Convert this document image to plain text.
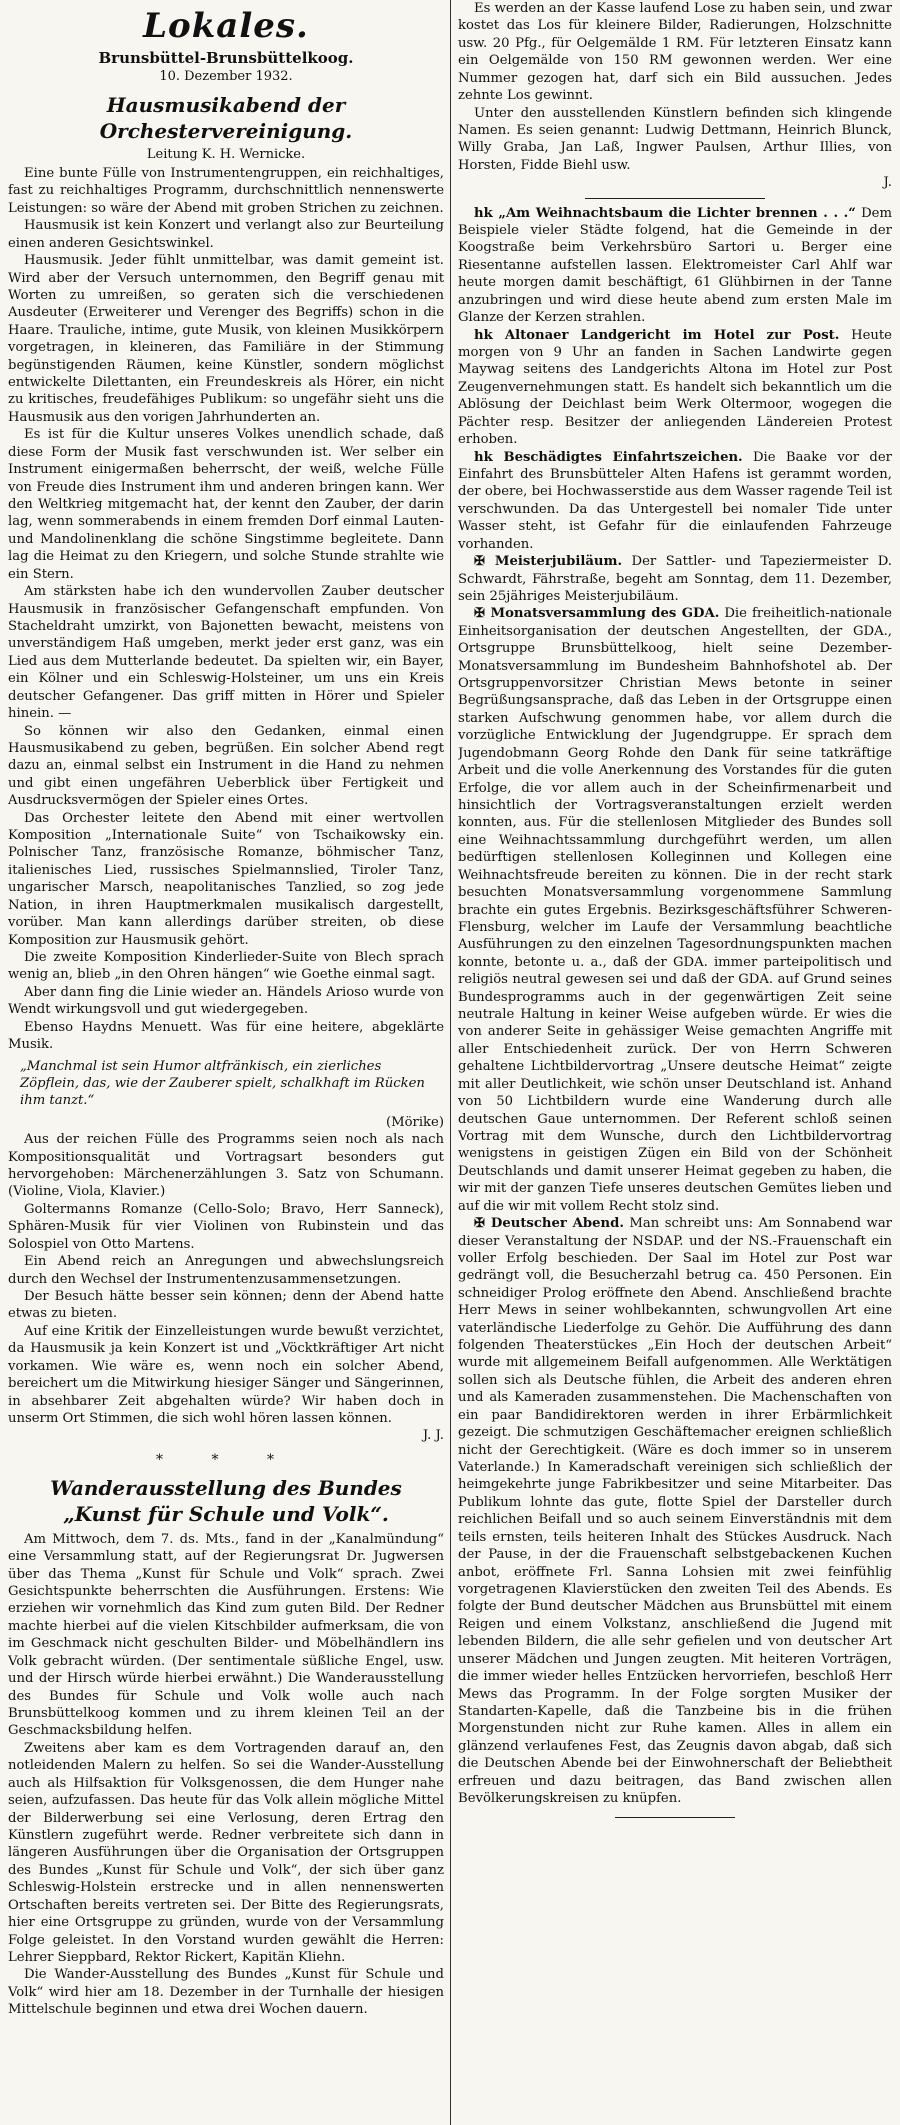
Lokales.
Brunsbüttel-Brunsbüttelkoog.
10. Dezember 1932.
Hausmusikabend der Orchestervereinigung.
Leitung K. H. Wernicke.

Eine bunte Fülle von Instrumentengruppen, ein reichhaltiges, fast zu reichhaltiges Programm, durchschnittlich nennenswerte Leistungen: so wäre der Abend mit groben Strichen zu zeichnen.

Hausmusik ist kein Konzert und verlangt also zur Beurteilung einen anderen Gesichtswinkel.

Hausmusik. Jeder fühlt unmittelbar, was damit gemeint ist. Wird aber der Versuch unternommen, den Begriff genau mit Worten zu umreißen, so geraten sich die verschiedenen Ausdeuter (Erweiterer und Verenger des Begriffs) schon in die Haare. Trauliche, intime, gute Musik, von kleinen Musikkörpern vorgetragen, in kleineren, das Familiäre in der Stimmung begünstigenden Räumen, keine Künstler, sondern möglichst entwickelte Dilettanten, ein Freundeskreis als Hörer, ein nicht zu kritisches, freudefähiges Publikum: so ungefähr sieht uns die Hausmusik aus den vorigen Jahrhunderten an.

Es ist für die Kultur unseres Volkes unendlich schade, daß diese Form der Musik fast verschwunden ist. Wer selber ein Instrument einigermaßen beherrscht, der weiß, welche Fülle von Freude dies Instrument ihm und anderen bringen kann. Wer den Weltkrieg mitgemacht hat, der kennt den Zauber, der darin lag, wenn sommerabends in einem fremden Dorf einmal Lauten- und Mandolinenklang die schöne Singstimme begleitete. Dann lag die Heimat zu den Kriegern, und solche Stunde strahlte wie ein Stern.

Am stärksten habe ich den wundervollen Zauber deutscher Hausmusik in französischer Gefangenschaft empfunden. Von Stacheldraht umzirkt, von Bajonetten bewacht, meistens von unverständigem Haß umgeben, merkt jeder erst ganz, was ein Lied aus dem Mutterlande bedeutet. Da spielten wir, ein Bayer, ein Kölner und ein Schleswig-Holsteiner, um uns ein Kreis deutscher Gefangener. Das griff mitten in Hörer und Spieler hinein. —

So können wir also den Gedanken, einmal einen Hausmusikabend zu geben, begrüßen. Ein solcher Abend regt dazu an, einmal selbst ein Instrument in die Hand zu nehmen und gibt einen ungefähren Ueberblick über Fertigkeit und Ausdrucksvermögen der Spieler eines Ortes.

Das Orchester leitete den Abend mit einer wertvollen Komposition „Internationale Suite“ von Tschaikowsky ein. Polnischer Tanz, französische Romanze, böhmischer Tanz, italienisches Lied, russisches Spielmannslied, Tiroler Tanz, ungarischer Marsch, neapolitanisches Tanzlied, so zog jede Nation, in ihren Hauptmerkmalen musikalisch dargestellt, vorüber. Man kann allerdings darüber streiten, ob diese Komposition zur Hausmusik gehört.

Die zweite Komposition Kinderlieder-Suite von Blech sprach wenig an, blieb „in den Ohren hängen“ wie Goethe einmal sagt.

Aber dann fing die Linie wieder an. Händels Arioso wurde von Wendt wirkungsvoll und gut wiedergegeben.

Ebenso Haydns Menuett. Was für eine heitere, abgeklärte Musik.

„Manchmal ist sein Humor altfränkisch, ein zierliches Zöpflein, das, wie der Zauberer spielt, schalkhaft im Rücken ihm tanzt.“

(Mörike)

Aus der reichen Fülle des Programms seien noch als nach Kompositionsqualität und Vortragsart besonders gut hervorgehoben: Märchenerzählungen 3. Satz von Schumann. (Violine, Viola, Klavier.)

Goltermanns Romanze (Cello-Solo; Bravo, Herr Sanneck), Sphären-Musik für vier Violinen von Rubinstein und das Solospiel von Otto Martens.

Ein Abend reich an Anregungen und abwechslungsreich durch den Wechsel der Instrumentenzusammensetzungen.

Der Besuch hätte besser sein können; denn der Abend hatte etwas zu bieten.

Auf eine Kritik der Einzelleistungen wurde bewußt verzichtet, da Hausmusik ja kein Konzert ist und „Vöcktkräftiger Art nicht vorkamen. Wie wäre es, wenn noch ein solcher Abend, bereichert um die Mitwirkung hiesiger Sänger und Sängerinnen, in absehbarer Zeit abgehalten würde? Wir haben doch in unserm Ort Stimmen, die sich wohl hören lassen können.

J. J.

* * *
Wanderausstellung des Bundes
„Kunst für Schule und Volk“.

Am Mittwoch, dem 7. ds. Mts., fand in der „Kanalmündung“ eine Versammlung statt, auf der Regierungsrat Dr. Jugwersen über das Thema „Kunst für Schule und Volk“ sprach. Zwei Gesichtspunkte beherrschten die Ausführungen. Erstens: Wie erziehen wir vornehmlich das Kind zum guten Bild. Der Redner machte hierbei auf die vielen Kitschbilder aufmerksam, die von im Geschmack nicht geschulten Bilder- und Möbelhändlern ins Volk gebracht würden. (Der sentimentale süßliche Engel, usw. und der Hirsch würde hierbei erwähnt.) Die Wanderausstellung des Bundes für Schule und Volk wolle auch nach Brunsbüttelkoog kommen und zu ihrem kleinen Teil an der Geschmacksbildung helfen.

Zweitens aber kam es dem Vortragenden darauf an, den notleidenden Malern zu helfen. So sei die Wander-Ausstellung auch als Hilfsaktion für Volksgenossen, die dem Hunger nahe seien, aufzufassen. Das heute für das Volk allein mögliche Mittel der Bilderwerbung sei eine Verlosung, deren Ertrag den Künstlern zugeführt werde. Redner verbreitete sich dann in längeren Ausführungen über die Organisation der Ortsgruppen des Bundes „Kunst für Schule und Volk“, der sich über ganz Schleswig-Holstein erstrecke und in allen nennenswerten Ortschaften bereits vertreten sei. Der Bitte des Regierungsrats, hier eine Ortsgruppe zu gründen, wurde von der Versammlung Folge geleistet. In den Vorstand wurden gewählt die Herren: Lehrer Sieppbard, Rektor Rickert, Kapitän Kliehn.

Die Wander-Ausstellung des Bundes „Kunst für Schule und Volk“ wird hier am 18. Dezember in der Turnhalle der hiesigen Mittelschule beginnen und etwa drei Wochen dauern.

Es werden an der Kasse laufend Lose zu haben sein, und zwar kostet das Los für kleinere Bilder, Radierungen, Holzschnitte usw. 20 Pfg., für Oelgemälde 1 RM. Für letzteren Einsatz kann ein Oelgemälde von 150 RM gewonnen werden. Wer eine Nummer gezogen hat, darf sich ein Bild aussuchen. Jedes zehnte Los gewinnt.

Unter den ausstellenden Künstlern befinden sich klingende Namen. Es seien genannt: Ludwig Dettmann, Heinrich Blunck, Willy Graba, Jan Laß, Ingwer Paulsen, Arthur Illies, von Horsten, Fidde Biehl usw.

J.

hk „Am Weihnachtsbaum die Lichter brennen . . .“ Dem Beispiele vieler Städte folgend, hat die Gemeinde in der Koogstraße beim Verkehrsbüro Sartori u. Berger eine Riesentanne aufstellen lassen. Elektromeister Carl Ahlf war heute morgen damit beschäftigt, 61 Glühbirnen in der Tanne anzubringen und wird diese heute abend zum ersten Male im Glanze der Kerzen strahlen.

hk Altonaer Landgericht im Hotel zur Post. Heute morgen von 9 Uhr an fanden in Sachen Landwirte gegen Maywag seitens des Landgerichts Altona im Hotel zur Post Zeugenvernehmungen statt. Es handelt sich bekanntlich um die Ablösung der Deichlast beim Werk Oltermoor, wogegen die Pächter resp. Besitzer der anliegenden Ländereien Protest erhoben.

hk Beschädigtes Einfahrtszeichen. Die Baake vor der Einfahrt des Brunsbütteler Alten Hafens ist gerammt worden, der obere, bei Hochwasserstide aus dem Wasser ragende Teil ist verschwunden. Da das Untergestell bei nomaler Tide unter Wasser steht, ist Gefahr für die einlaufenden Fahrzeuge vorhanden.

✠ Meisterjubiläum. Der Sattler- und Tapeziermeister D. Schwardt, Fährstraße, begeht am Sonntag, dem 11. Dezember, sein 25jähriges Meisterjubiläum.

✠ Monatsversammlung des GDA. Die freiheitlich-nationale Einheitsorganisation der deutschen Angestellten, der GDA., Ortsgruppe Brunsbüttelkoog, hielt seine Dezember-Monatsversammlung im Bundesheim Bahnhofshotel ab. Der Ortsgruppenvorsitzer Christian Mews betonte in seiner Begrüßungsansprache, daß das Leben in der Ortsgruppe einen starken Aufschwung genommen habe, vor allem durch die vorzügliche Entwicklung der Jugendgruppe. Er sprach dem Jugendobmann Georg Rohde den Dank für seine tatkräftige Arbeit und die volle Anerkennung des Vorstandes für die guten Erfolge, die vor allem auch in der Scheinfirmenarbeit und hinsichtlich der Vortragsveranstaltungen erzielt werden konnten, aus. Für die stellenlosen Mitglieder des Bundes soll eine Weihnachtssammlung durchgeführt werden, um allen bedürftigen stellenlosen Kolleginnen und Kollegen eine Weihnachtsfreude bereiten zu können. Die in der recht stark besuchten Monatsversammlung vorgenommene Sammlung brachte ein gutes Ergebnis. Bezirksgeschäftsführer Schweren-Flensburg, welcher im Laufe der Versammlung beachtliche Ausführungen zu den einzelnen Tagesordnungspunkten machen konnte, betonte u. a., daß der GDA. immer parteipolitisch und religiös neutral gewesen sei und daß der GDA. auf Grund seines Bundesprogramms auch in der gegenwärtigen Zeit seine neutrale Haltung in keiner Weise aufgeben würde. Er wies die von anderer Seite in gehässiger Weise gemachten Angriffe mit aller Entschiedenheit zurück. Der von Herrn Schweren gehaltene Lichtbildervortrag „Unsere deutsche Heimat“ zeigte mit aller Deutlichkeit, wie schön unser Deutschland ist. Anhand von 50 Lichtbildern wurde eine Wanderung durch alle deutschen Gaue unternommen. Der Referent schloß seinen Vortrag mit dem Wunsche, durch den Lichtbildervortrag wenigstens in geistigen Zügen ein Bild von der Schönheit Deutschlands und damit unserer Heimat gegeben zu haben, die wir mit der ganzen Tiefe unseres deutschen Gemütes lieben und auf die wir mit vollem Recht stolz sind.

✠ Deutscher Abend. Man schreibt uns: Am Sonnabend war dieser Veranstaltung der NSDAP. und der NS.-Frauenschaft ein voller Erfolg beschieden. Der Saal im Hotel zur Post war gedrängt voll, die Besucherzahl betrug ca. 450 Personen. Ein schneidiger Prolog eröffnete den Abend. Anschließend brachte Herr Mews in seiner wohlbekannten, schwungvollen Art eine vaterländische Liederfolge zu Gehör. Die Aufführung des dann folgenden Theaterstückes „Ein Hoch der deutschen Arbeit“ wurde mit allgemeinem Beifall aufgenommen. Alle Werktätigen sollen sich als Deutsche fühlen, die Arbeit des anderen ehren und als Kameraden zusammenstehen. Die Machenschaften von ein paar Bandidirektoren werden in ihrer Erbärmlichkeit gezeigt. Die schmutzigen Geschäftemacher ereignen schließlich nicht der Gerechtigkeit. (Wäre es doch immer so in unserem Vaterlande.) In Kameradschaft vereinigen sich schließlich der heimgekehrte junge Fabrikbesitzer und seine Mitarbeiter. Das Publikum lohnte das gute, flotte Spiel der Darsteller durch reichlichen Beifall und so auch seinem Einverständnis mit dem teils ernsten, teils heiteren Inhalt des Stückes Ausdruck. Nach der Pause, in der die Frauenschaft selbstgebackenen Kuchen anbot, eröffnete Frl. Sanna Lohsien mit zwei feinfühlig vorgetragenen Klavierstücken den zweiten Teil des Abends. Es folgte der Bund deutscher Mädchen aus Brunsbüttel mit einem Reigen und einem Volkstanz, anschließend die Jugend mit lebenden Bildern, die alle sehr gefielen und von deutscher Art unserer Mädchen und Jungen zeugten. Mit heiteren Vorträgen, die immer wieder helles Entzücken hervorriefen, beschloß Herr Mews das Programm. In der Folge sorgten Musiker der Standarten-Kapelle, daß die Tanzbeine bis in die frühen Morgenstunden nicht zur Ruhe kamen. Alles in allem ein glänzend verlaufenes Fest, das Zeugnis davon abgab, daß sich die Deutschen Abende bei der Einwohnerschaft der Beliebtheit erfreuen und dazu beitragen, das Band zwischen allen Bevölkerungskreisen zu knüpfen.
